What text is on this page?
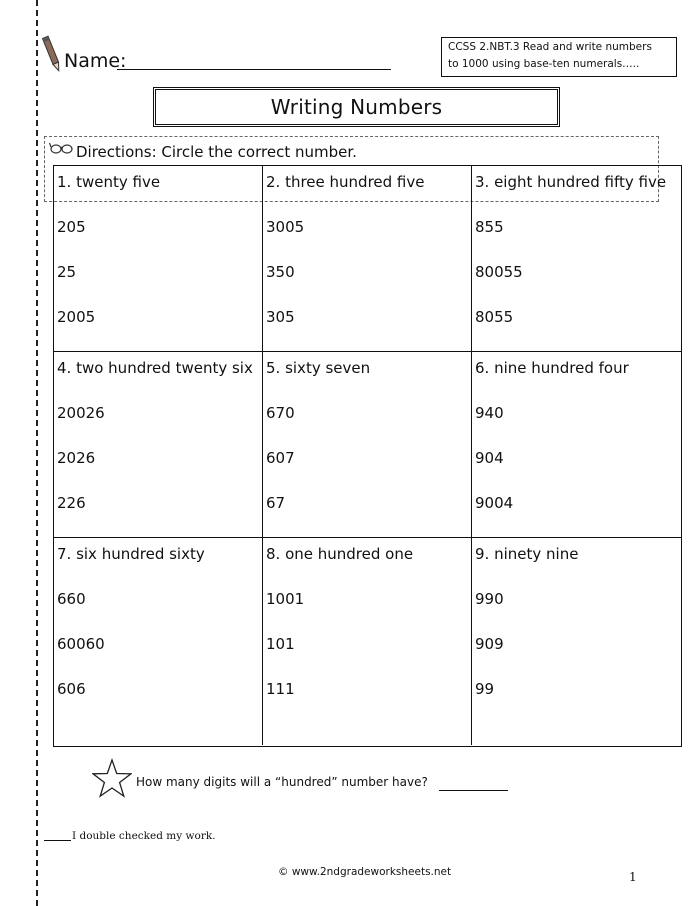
Name:
CCSS 2.NBT.3 Read and write numbers
to 1000 using base-ten numerals…..
Writing Numbers
Directions: Circle the correct number.
1. twenty five
205
25
2005
2. three hundred five
3005
350
305
3. eight hundred fifty five
855
80055
8055
4. two hundred twenty six
20026
2026
226
5. sixty seven
670
607
67
6. nine hundred four
940
904
9004
7. six hundred sixty
660
60060
606
8. one hundred one
1001
101
111
9. ninety nine
990
909
99
How many digits will a “hundred” number have?
I double checked my work.
© www.2ndgradeworksheets.net	1
